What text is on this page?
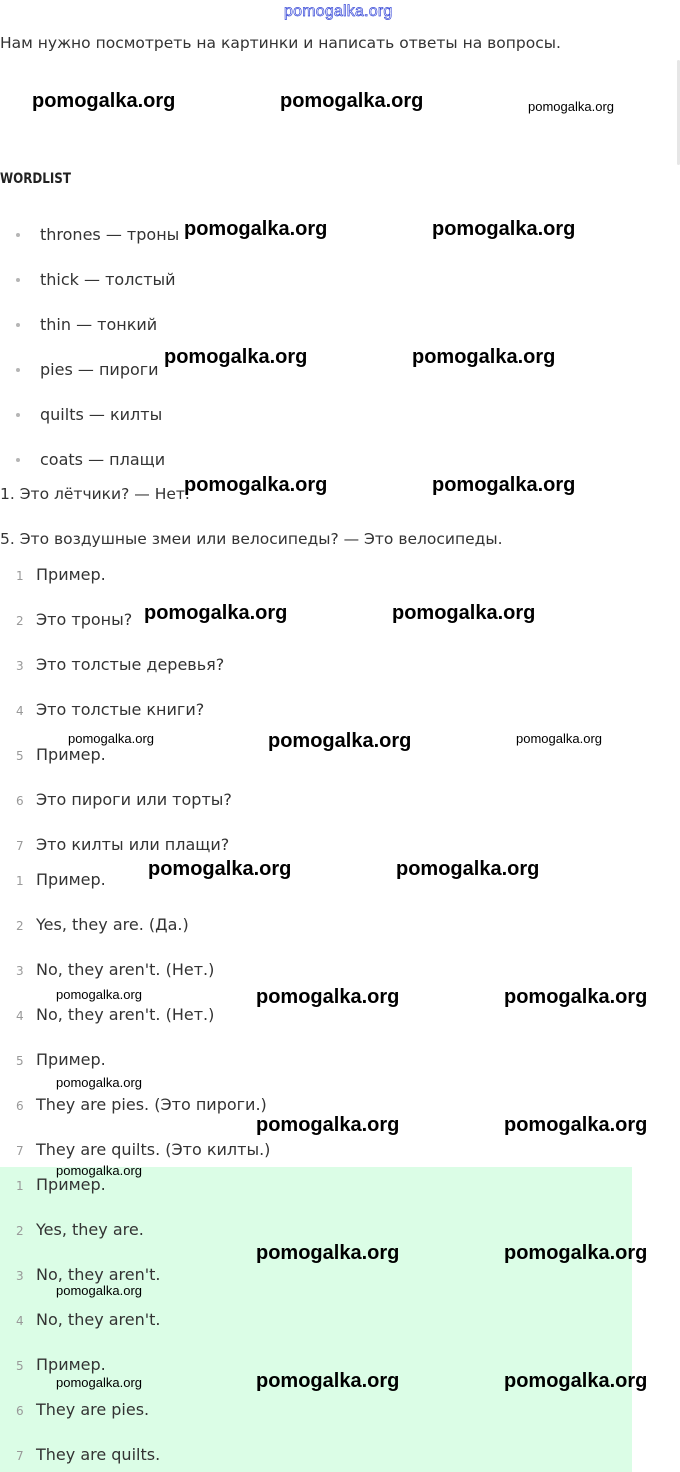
pomogalka.org
Нам нужно посмотреть на картинки и написать ответы на вопросы.
WORDLIST
thrones — троны
thick — толстый
thin — тонкий
pies — пироги
quilts — килты
coats — плащи
1. Это лётчики? — Нет.
5. Это воздушные змеи или велосипеды? — Это велосипеды.
1 Пример.
2 Это троны?
3 Это толстые деревья?
4 Это толстые книги?
5 Пример.
6 Это пироги или торты?
7 Это килты или плащи?
1 Пример.
2 Yes, they are. (Да.)
3 No, they aren't. (Нет.)
4 No, they aren't. (Нет.)
5 Пример.
6 They are pies. (Это пироги.)
7 They are quilts. (Это килты.)
1 Пример.
2 Yes, they are.
3 No, they aren't.
4 No, they aren't.
5 Пример.
6 They are pies.
7 They are quilts.
pomogalka.org	pomogalka.org	pomogalka.org
pomogalka.org	pomogalka.org
pomogalka.org	pomogalka.org
pomogalka.org	pomogalka.org
pomogalka.org	pomogalka.org
pomogalka.org	pomogalka.org	pomogalka.org
pomogalka.org	pomogalka.org
pomogalka.org	pomogalka.org	pomogalka.org
pomogalka.org
pomogalka.org	pomogalka.org
pomogalka.org
pomogalka.org	pomogalka.org
pomogalka.org
pomogalka.org	pomogalka.org	pomogalka.org
